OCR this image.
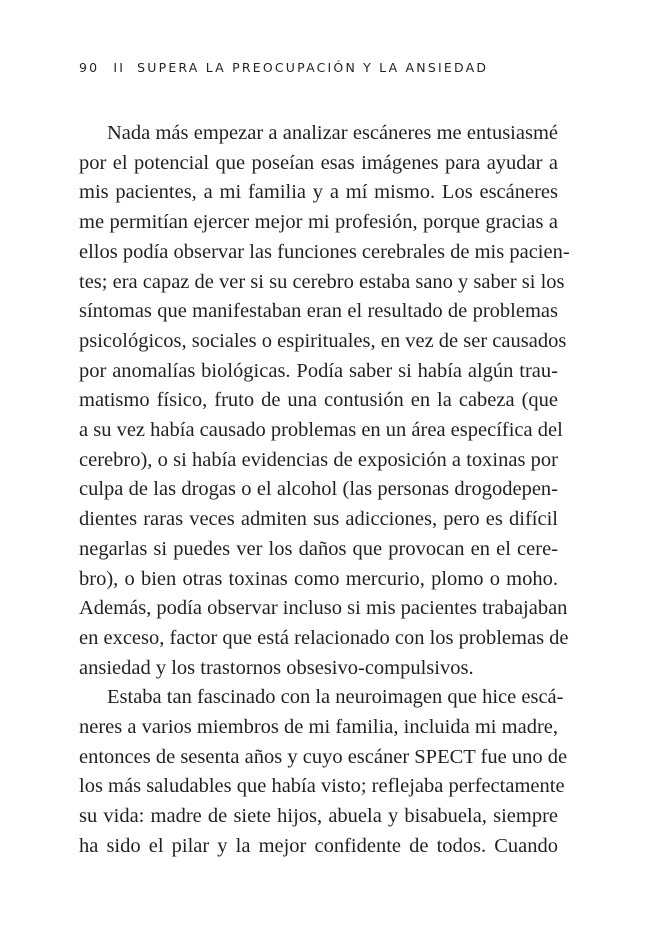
90 II SUPERA LA PREOCUPACIÓN Y LA ANSIEDAD
Nada más empezar a analizar escáneres me entusiasmé
por el potencial que poseían esas imágenes para ayudar a
mis pacientes, a mi familia y a mí mismo. Los escáneres
me permitían ejercer mejor mi profesión, porque gracias a
ellos podía observar las funciones cerebrales de mis pacien-
tes; era capaz de ver si su cerebro estaba sano y saber si los
síntomas que manifestaban eran el resultado de problemas
psicológicos, sociales o espirituales, en vez de ser causados
por anomalías biológicas. Podía saber si había algún trau-
matismo físico, fruto de una contusión en la cabeza (que
a su vez había causado problemas en un área específica del
cerebro), o si había evidencias de exposición a toxinas por
culpa de las drogas o el alcohol (las personas drogodepen-
dientes raras veces admiten sus adicciones, pero es difícil
negarlas si puedes ver los daños que provocan en el cere-
bro), o bien otras toxinas como mercurio, plomo o moho.
Además, podía observar incluso si mis pacientes trabajaban
en exceso, factor que está relacionado con los problemas de
ansiedad y los trastornos obsesivo-compulsivos.
Estaba tan fascinado con la neuroimagen que hice escá-
neres a varios miembros de mi familia, incluida mi madre,
entonces de sesenta años y cuyo escáner SPECT fue uno de
los más saludables que había visto; reflejaba perfectamente
su vida: madre de siete hijos, abuela y bisabuela, siempre
ha sido el pilar y la mejor confidente de todos. Cuando
